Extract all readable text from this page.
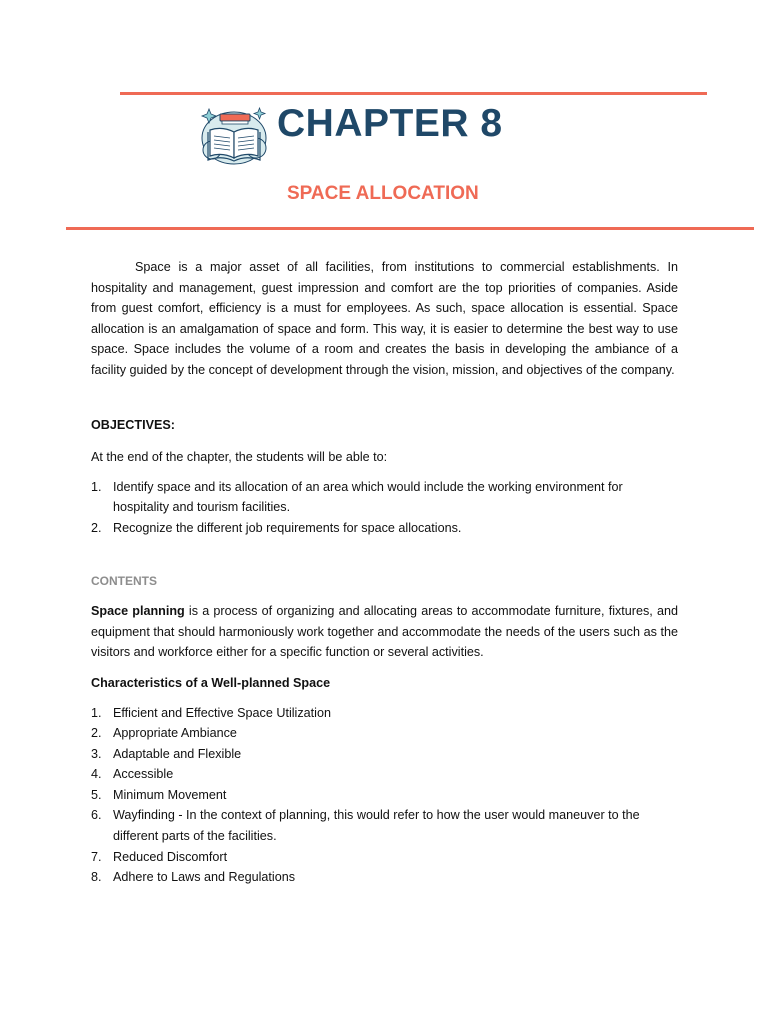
CHAPTER 8
SPACE ALLOCATION

Space is a major asset of all facilities, from institutions to commercial establishments. In hospitality and management, guest impression and comfort are the top priorities of companies. Aside from guest comfort, efficiency is a must for employees. As such, space allocation is essential. Space allocation is an amalgamation of space and form. This way, it is easier to determine the best way to use space. Space includes the volume of a room and creates the basis in developing the ambiance of a facility guided by the concept of development through the vision, mission, and objectives of the company.

OBJECTIVES:

At the end of the chapter, the students will be able to:

1. Identify space and its allocation of an area which would include the working environment for hospitality and tourism facilities.
2. Recognize the different job requirements for space allocations.

CONTENTS

Space planning is a process of organizing and allocating areas to accommodate furniture, fixtures, and equipment that should harmoniously work together and accommodate the needs of the users such as the visitors and workforce either for a specific function or several activities.

Characteristics of a Well-planned Space

1. Efficient and Effective Space Utilization
2. Appropriate Ambiance
3. Adaptable and Flexible
4. Accessible
5. Minimum Movement
6. Wayfinding - In the context of planning, this would refer to how the user would maneuver to the different parts of the facilities.
7. Reduced Discomfort
8. Adhere to Laws and Regulations
